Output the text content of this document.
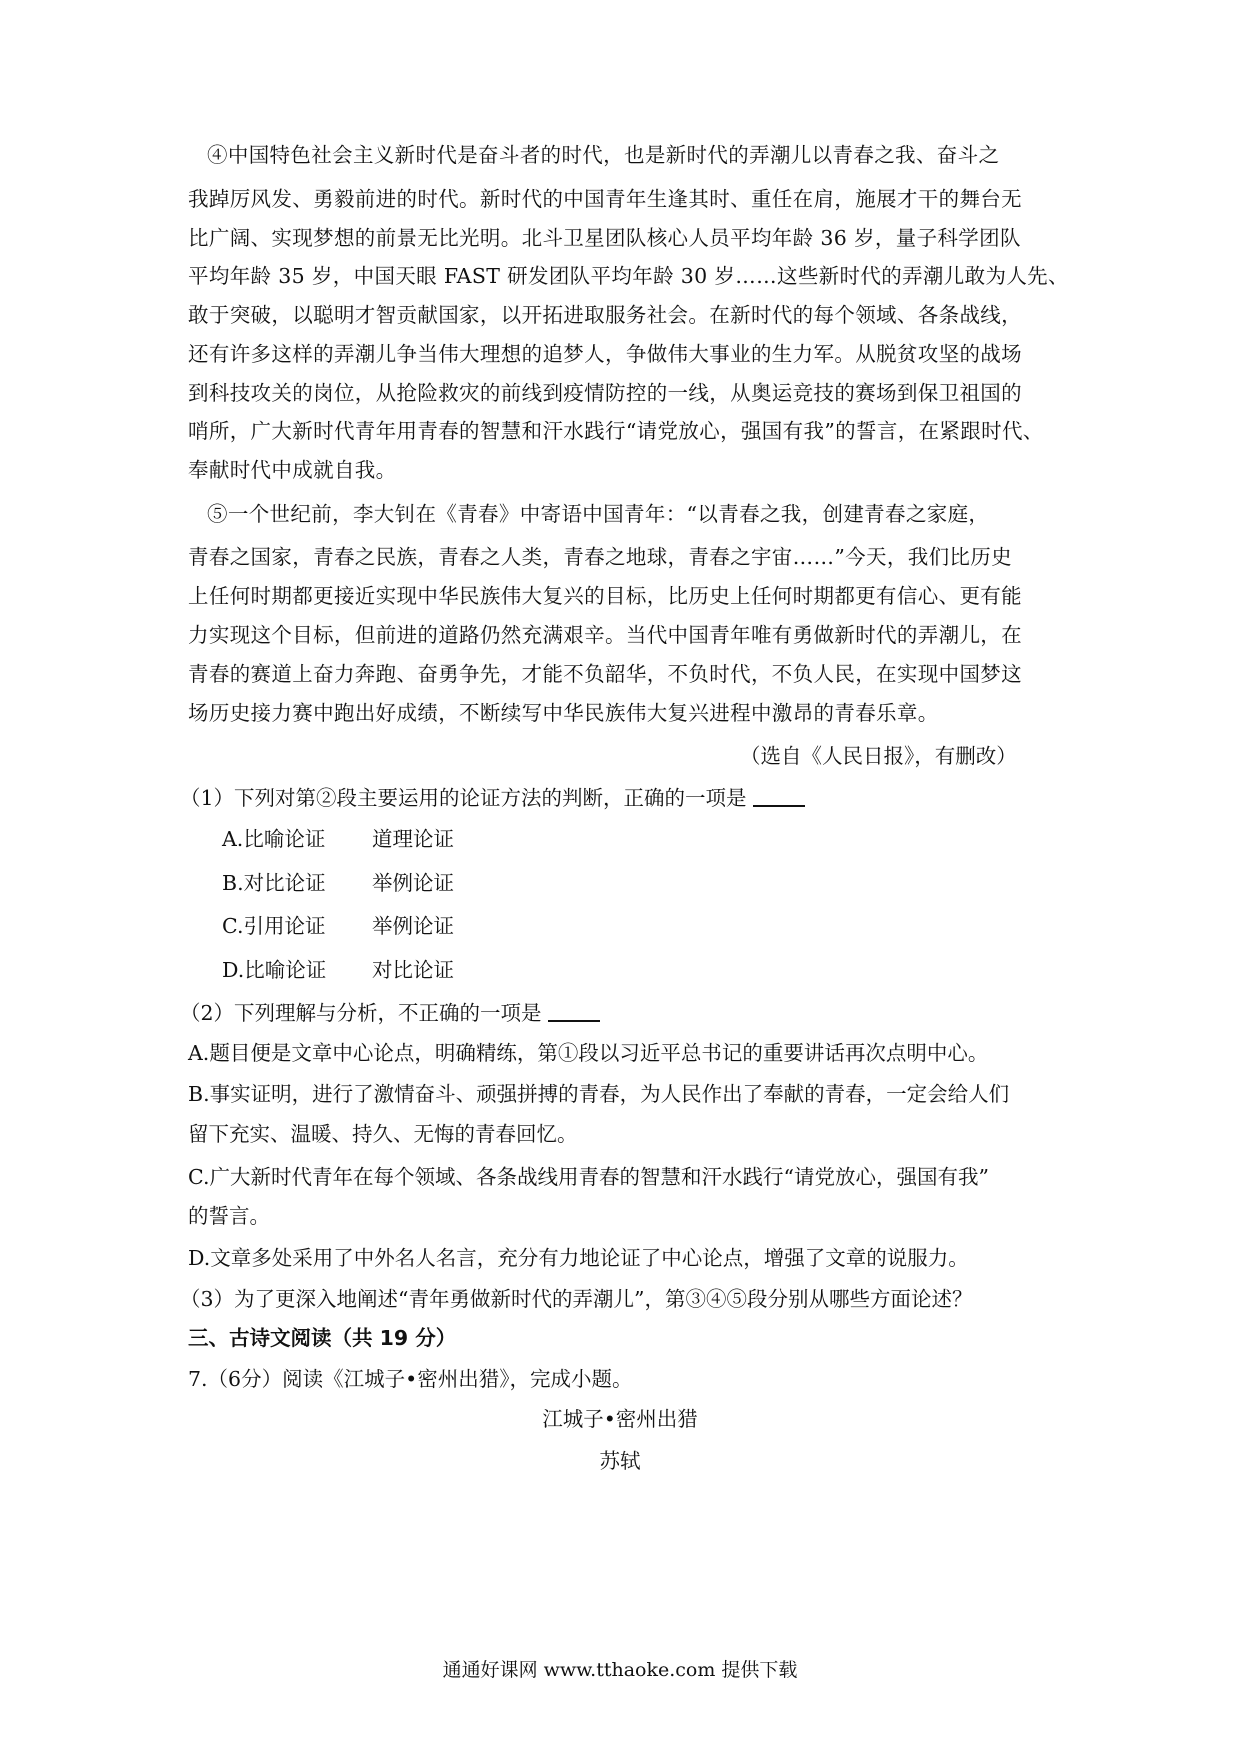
④中国特色社会主义新时代是奋斗者的时代，也是新时代的弄潮儿以青春之我、奋斗之
我踔厉风发、勇毅前进的时代。新时代的中国青年生逢其时、重任在肩，施展才干的舞台无
比广阔、实现梦想的前景无比光明。北斗卫星团队核心人员平均年龄 36 岁，量子科学团队
平均年龄 35 岁，中国天眼 FAST 研发团队平均年龄 30 岁……这些新时代的弄潮儿敢为人先、
敢于突破，以聪明才智贡献国家，以开拓进取服务社会。在新时代的每个领域、各条战线，
还有许多这样的弄潮儿争当伟大理想的追梦人，争做伟大事业的生力军。从脱贫攻坚的战场
到科技攻关的岗位，从抢险救灾的前线到疫情防控的一线，从奥运竞技的赛场到保卫祖国的
哨所，广大新时代青年用青春的智慧和汗水践行“请党放心，强国有我”的誓言，在紧跟时代、
奉献时代中成就自我。
⑤一个世纪前，李大钊在《青春》中寄语中国青年：“以青春之我，创建青春之家庭，
青春之国家，青春之民族，青春之人类，青春之地球，青春之宇宙……”今天，我们比历史
上任何时期都更接近实现中华民族伟大复兴的目标，比历史上任何时期都更有信心、更有能
力实现这个目标，但前进的道路仍然充满艰辛。当代中国青年唯有勇做新时代的弄潮儿，在
青春的赛道上奋力奔跑、奋勇争先，才能不负韶华，不负时代，不负人民，在实现中国梦这
场历史接力赛中跑出好成绩，不断续写中华民族伟大复兴进程中激昂的青春乐章。
（选自《人民日报》，有删改）
（1）下列对第②段主要运用的论证方法的判断，正确的一项是
A.比喻论证 道理论证
B.对比论证 举例论证
C.引用论证 举例论证
D.比喻论证 对比论证
（2）下列理解与分析，不正确的一项是
A.题目便是文章中心论点，明确精练，第①段以习近平总书记的重要讲话再次点明中心。
B.事实证明，进行了激情奋斗、顽强拼搏的青春，为人民作出了奉献的青春，一定会给人们
留下充实、温暖、持久、无悔的青春回忆。
C.广大新时代青年在每个领域、各条战线用青春的智慧和汗水践行“请党放心，强国有我”
的誓言。
D.文章多处采用了中外名人名言，充分有力地论证了中心论点，增强了文章的说服力。
（3）为了更深入地阐述“青年勇做新时代的弄潮儿”，第③④⑤段分别从哪些方面论述？
三、古诗文阅读（共 19 分）
7.（6分）阅读《江城子•密州出猎》，完成小题。
江城子•密州出猎
苏轼
通通好课网 www.tthaoke.com 提供下载
